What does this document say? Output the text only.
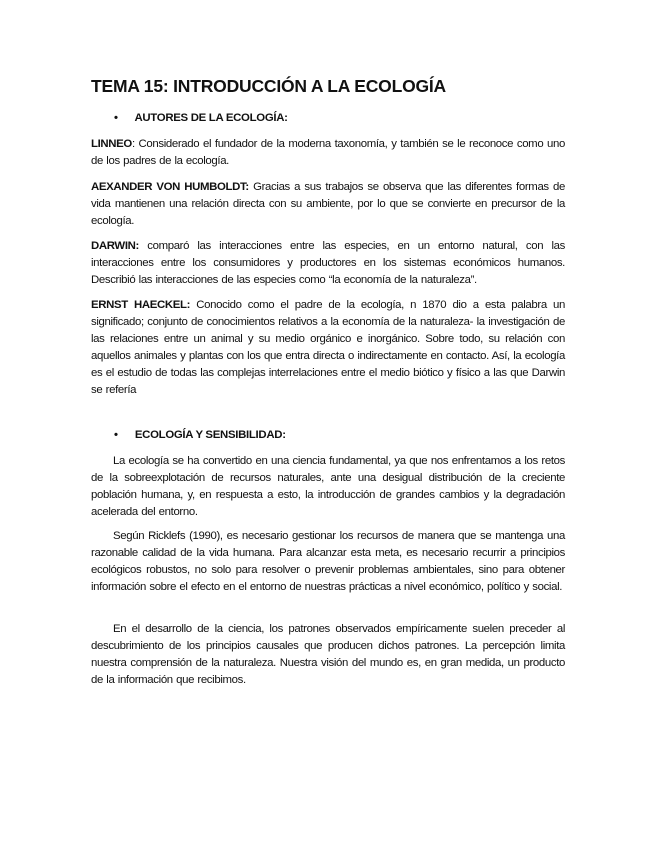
TEMA 15: INTRODUCCIÓN A LA ECOLOGÍA
• AUTORES DE LA ECOLOGÍA:

LINNEO: Considerado el fundador de la moderna taxonomía, y también se le reconoce como uno de los padres de la ecología.

AEXANDER VON HUMBOLDT: Gracias a sus trabajos se observa que las diferentes formas de vida mantienen una relación directa con su ambiente, por lo que se convierte en precursor de la ecología.

DARWIN: comparó las interacciones entre las especies, en un entorno natural, con las interacciones entre los consumidores y productores en los sistemas económicos humanos. Describió las interacciones de las especies como “la economía de la naturaleza”.

ERNST HAECKEL: Conocido como el padre de la ecología, n 1870 dio a esta palabra un significado; conjunto de conocimientos relativos a la economía de la naturaleza- la investigación de las relaciones entre un animal y su medio orgánico e inorgánico. Sobre todo, su relación con aquellos animales y plantas con los que entra directa o indirectamente en contacto. Así, la ecología es el estudio de todas las complejas interrelaciones entre el medio biótico y físico a las que Darwin se refería

• ECOLOGÍA Y SENSIBILIDAD:

La ecología se ha convertido en una ciencia fundamental, ya que nos enfrentamos a los retos de la sobreexplotación de recursos naturales, ante una desigual distribución de la creciente población humana, y, en respuesta a esto, la introducción de grandes cambios y la degradación acelerada del entorno.

Según Ricklefs (1990), es necesario gestionar los recursos de manera que se mantenga una razonable calidad de la vida humana. Para alcanzar esta meta, es necesario recurrir a principios ecológicos robustos, no solo para resolver o prevenir problemas ambientales, sino para obtener información sobre el efecto en el entorno de nuestras prácticas a nivel económico, político y social.

En el desarrollo de la ciencia, los patrones observados empíricamente suelen preceder al descubrimiento de los principios causales que producen dichos patrones. La percepción limita nuestra comprensión de la naturaleza. Nuestra visión del mundo es, en gran medida, un producto de la información que recibimos.
